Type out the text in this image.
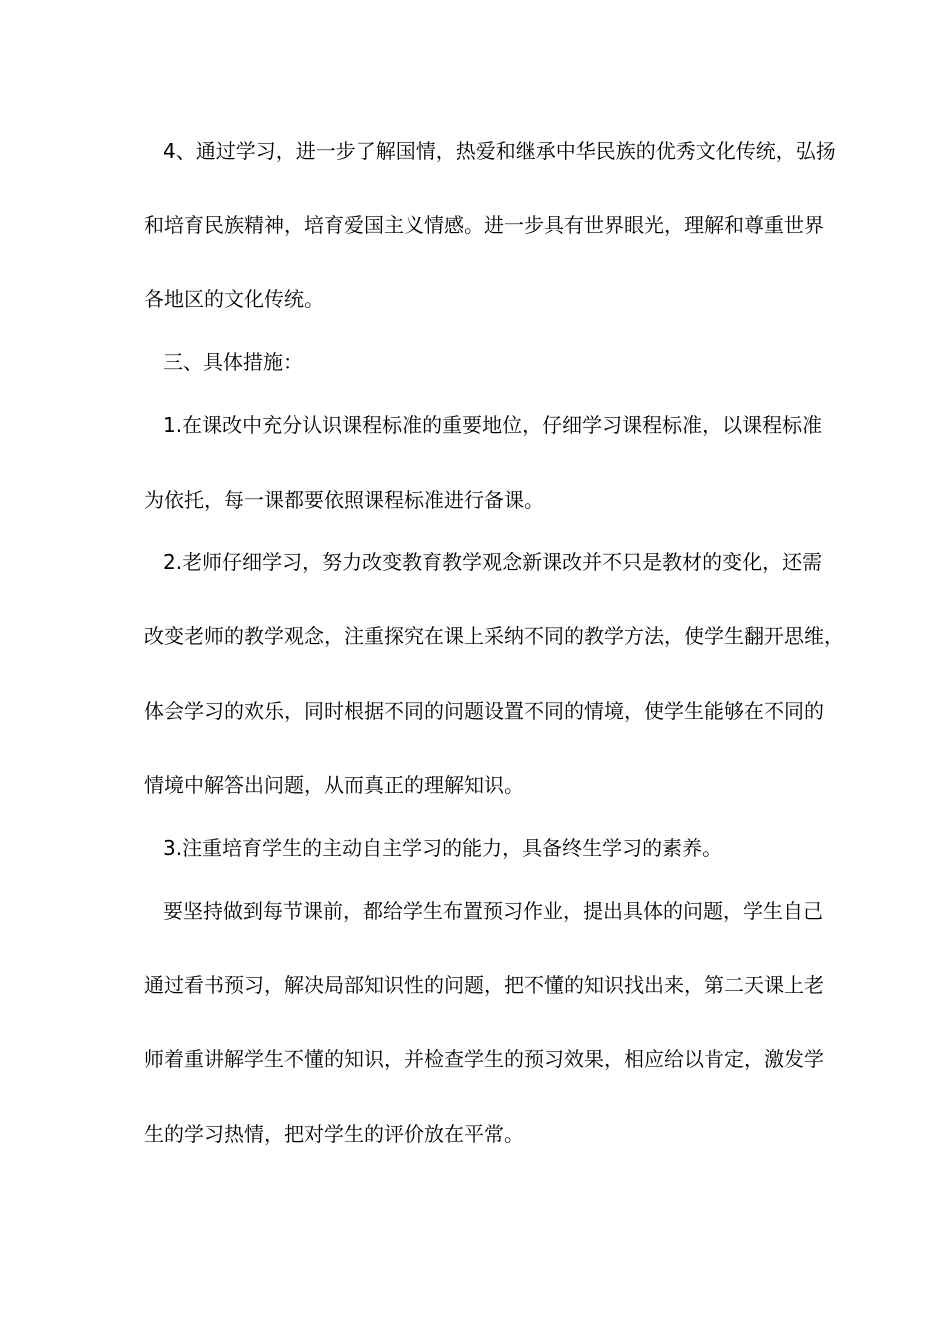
4、通过学习，进一步了解国情，热爱和继承中华民族的优秀文化传统，弘扬
和培育民族精神，培育爱国主义情感。进一步具有世界眼光，理解和尊重世界
各地区的文化传统。
三、具体措施：
1.在课改中充分认识课程标准的重要地位，仔细学习课程标准，以课程标准
为依托，每一课都要依照课程标准进行备课。
2.老师仔细学习，努力改变教育教学观念新课改并不只是教材的变化，还需
改变老师的教学观念，注重探究在课上采纳不同的教学方法，使学生翻开思维，
体会学习的欢乐，同时根据不同的问题设置不同的情境，使学生能够在不同的
情境中解答出问题，从而真正的理解知识。
3.注重培育学生的主动自主学习的能力，具备终生学习的素养。
要坚持做到每节课前，都给学生布置预习作业，提出具体的问题，学生自己
通过看书预习，解决局部知识性的问题，把不懂的知识找出来，第二天课上老
师着重讲解学生不懂的知识，并检查学生的预习效果，相应给以肯定，激发学
生的学习热情，把对学生的评价放在平常。
